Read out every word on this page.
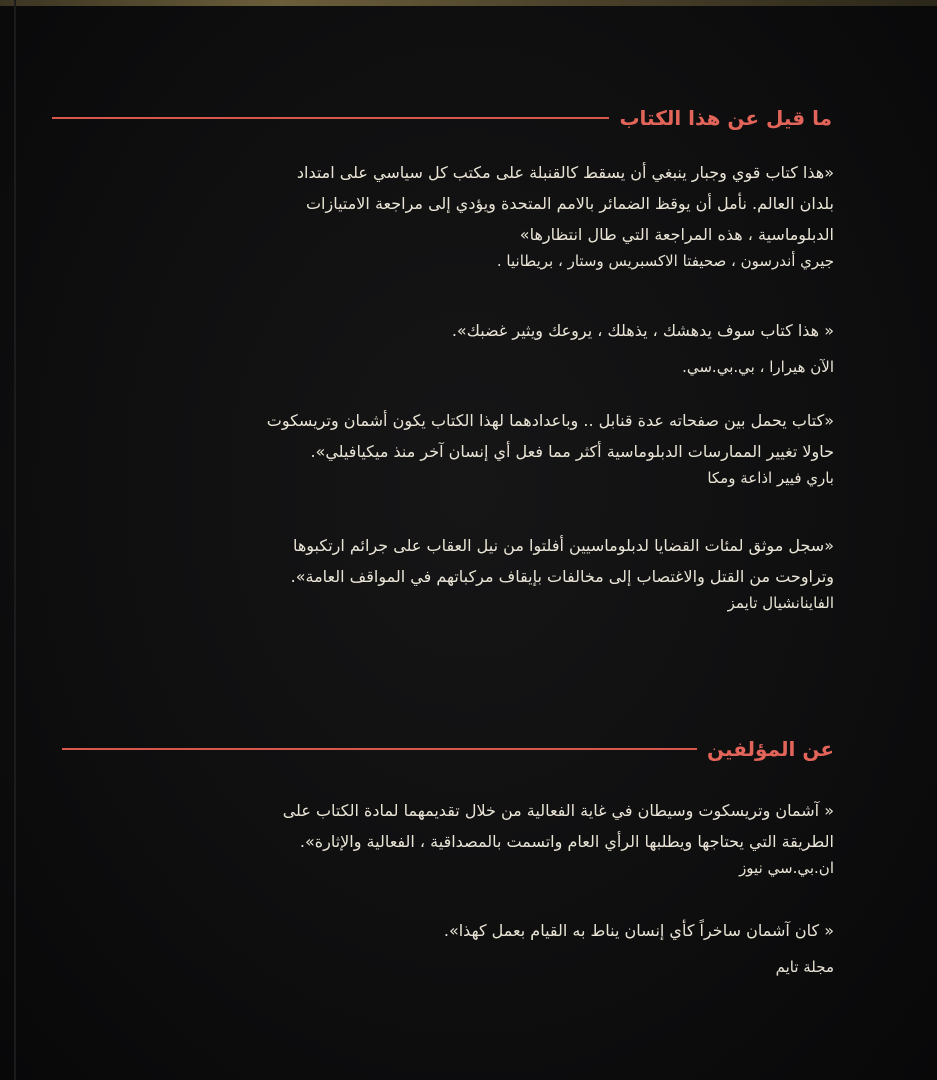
ما قيل عن هذا الكتاب
«هذا كتاب قوي وجبار ينبغي أن يسقط كالقنبلة على مكتب كل سياسي على امتداد
بلدان العالم. نأمل أن يوقظ الضمائر بالامم المتحدة ويؤدي إلى مراجعة الامتيازات
الدبلوماسية ، هذه المراجعة التي طال انتظارها»
جيري أندرسون ، صحيفتا الاكسبريس وستار ، بريطانيا .
« هذا كتاب سوف يدهشك ، يذهلك ، يروعك ويثير غضبك».
الآن هيرارا ، بي.بي.سي.
«كتاب يحمل بين صفحاته عدة قنابل .. وباعدادهما لهذا الكتاب يكون أشمان وتريسكوت
حاولا تغيير الممارسات الدبلوماسية أكثر مما فعل أي إنسان آخر منذ ميكيافيلي».
باري فيير اذاعة ومكا
«سجل موثق لمئات القضايا لدبلوماسيين أفلتوا من نيل العقاب على جرائم ارتكبوها
وتراوحت من القتل والاغتصاب إلى مخالفات بإيقاف مركباتهم في المواقف العامة».
الفاينانشيال تايمز
عن المؤلفين
« آشمان وتريسكوت وسيطان في غاية الفعالية من خلال تقديمهما لمادة الكتاب على
الطريقة التي يحتاجها ويطلبها الرأي العام واتسمت بالمصداقية ، الفعالية والإثارة».
ان.بي.سي نيوز
« كان آشمان ساخراً كأي إنسان يناط به القيام بعمل كهذا».
مجلة تايم
